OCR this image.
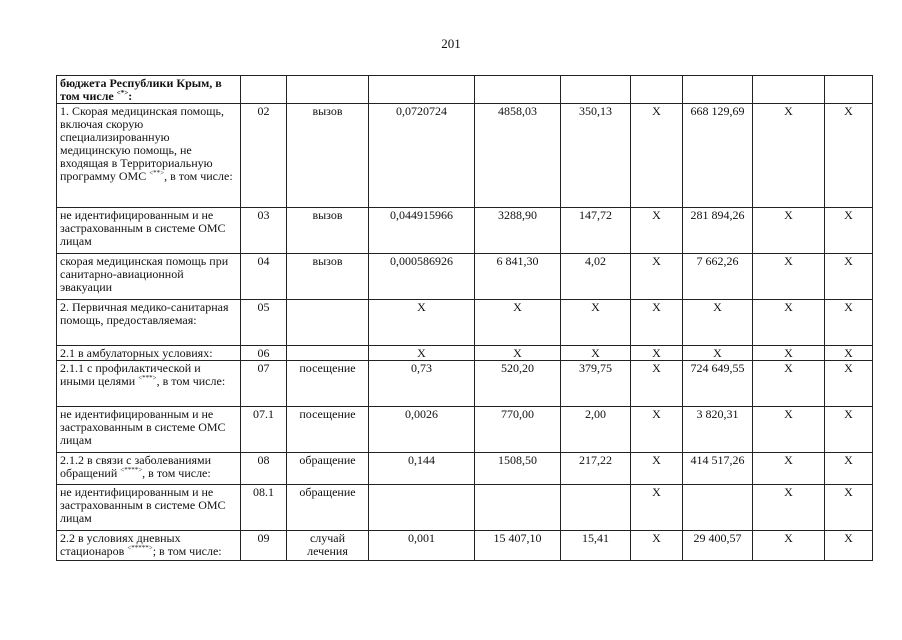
201
бюджета Республики Крым, в том числе <*>:									
1. Скорая медицинская помощь, включая скорую специализированную медицинскую помощь, не входящая в Территориальную программу ОМС <**>, в том числе:	02	вызов	0,0720724	4858,03	350,13	X	668 129,69	X	X
не идентифицированным и не застрахованным в системе ОМС лицам	03	вызов	0,044915966	3288,90	147,72	X	281 894,26	X	X
скорая медицинская помощь при санитарно-авиационной эвакуации	04	вызов	0,000586926	6 841,30	4,02	X	7 662,26	X	X
2. Первичная медико-санитарная помощь, предоставляемая:	05		X	X	X	X	X	X	X
2.1 в амбулаторных условиях:	06		X	X	X	X	X	X	X
2.1.1 с профилактической и иными целями <***>, в том числе:	07	посещение	0,73	520,20	379,75	X	724 649,55	X	X
не идентифицированным и не застрахованным в системе ОМС лицам	07.1	посещение	0,0026	770,00	2,00	X	3 820,31	X	X
2.1.2 в связи с заболеваниями обращений <****>, в том числе:	08	обращение	0,144	1508,50	217,22	X	414 517,26	X	X
не идентифицированным и не застрахованным в системе ОМС лицам	08.1	обращение				X		X	X
2.2 в условиях дневных стационаров <*****>; в том числе:	09	случай лечения	0,001	15 407,10	15,41	X	29 400,57	X	X
